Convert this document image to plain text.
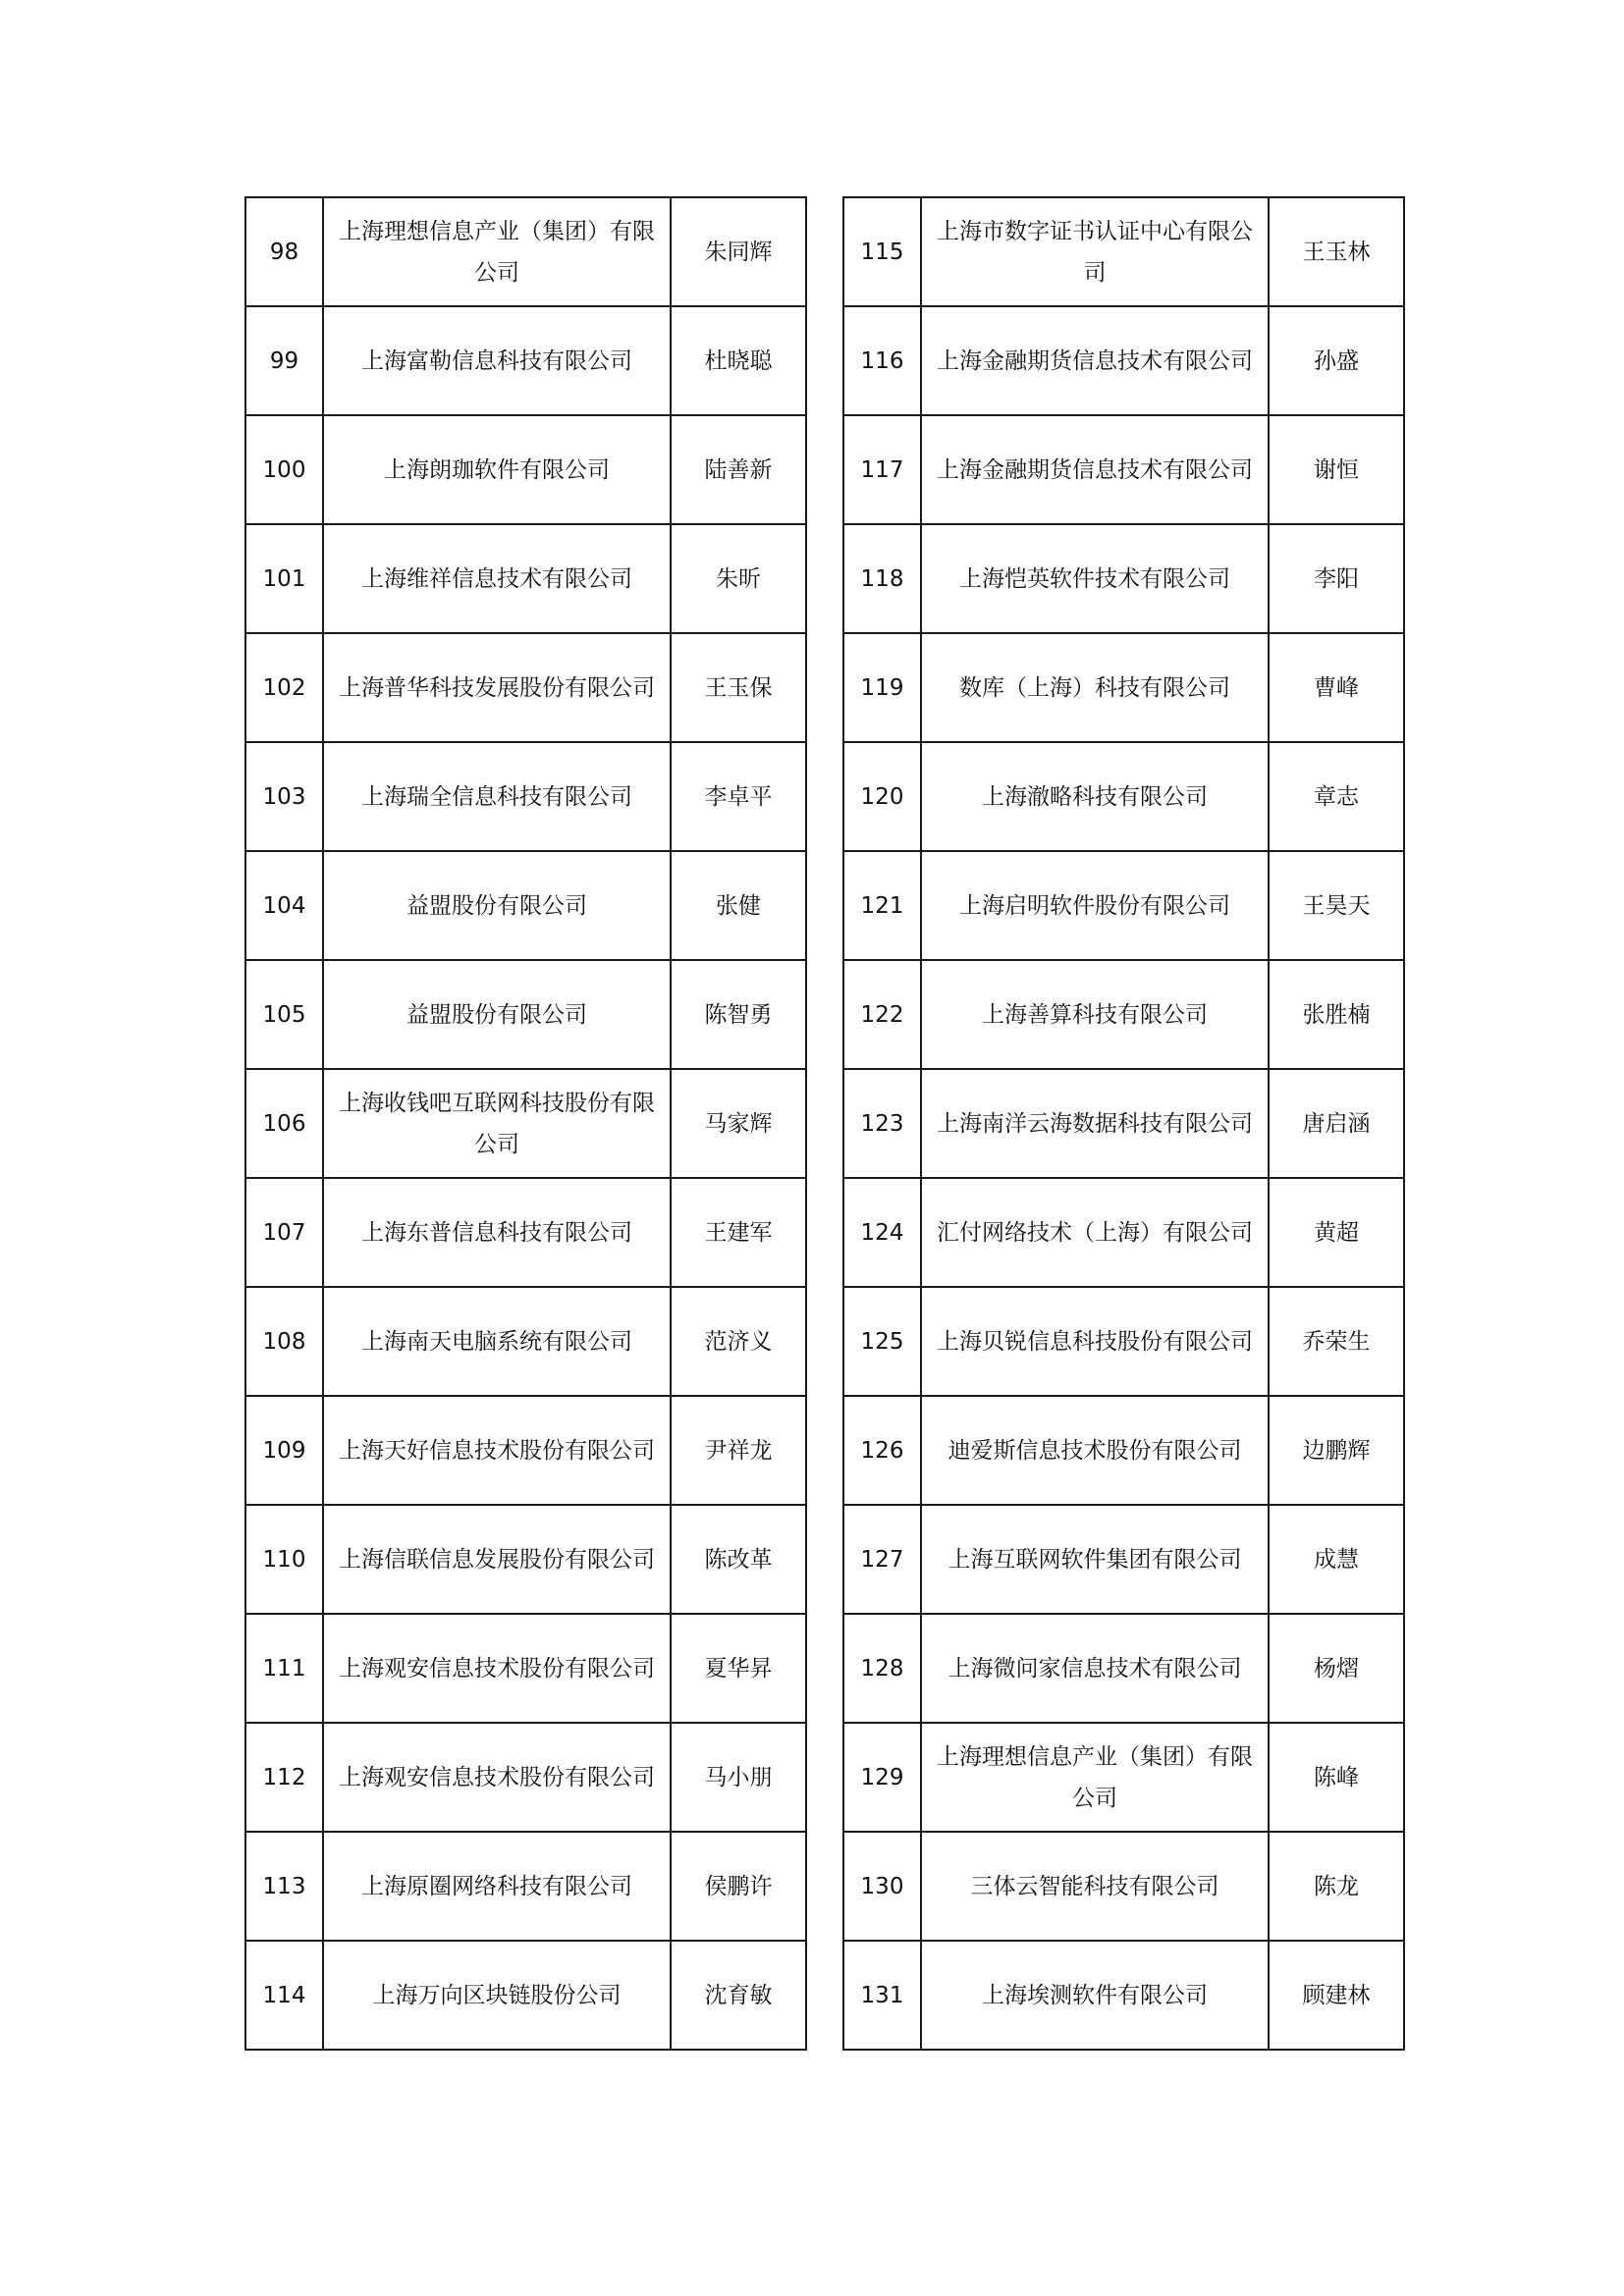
98	上海理想信息产业（集团）有限公司	朱同辉
99	上海富勒信息科技有限公司	杜晓聪
100	上海朗珈软件有限公司	陆善新
101	上海维祥信息技术有限公司	朱昕
102	上海普华科技发展股份有限公司	王玉保
103	上海瑞全信息科技有限公司	李卓平
104	益盟股份有限公司	张健
105	益盟股份有限公司	陈智勇
106	上海收钱吧互联网科技股份有限公司	马家辉
107	上海东普信息科技有限公司	王建军
108	上海南天电脑系统有限公司	范济义
109	上海天好信息技术股份有限公司	尹祥龙
110	上海信联信息发展股份有限公司	陈改革
111	上海观安信息技术股份有限公司	夏华昇
112	上海观安信息技术股份有限公司	马小朋
113	上海原圈网络科技有限公司	侯鹏许
114	上海万向区块链股份公司	沈育敏
115	上海市数字证书认证中心有限公司	王玉林
116	上海金融期货信息技术有限公司	孙盛
117	上海金融期货信息技术有限公司	谢恒
118	上海恺英软件技术有限公司	李阳
119	数库（上海）科技有限公司	曹峰
120	上海澈略科技有限公司	章志
121	上海启明软件股份有限公司	王昊天
122	上海善算科技有限公司	张胜楠
123	上海南洋云海数据科技有限公司	唐启涵
124	汇付网络技术（上海）有限公司	黄超
125	上海贝锐信息科技股份有限公司	乔荣生
126	迪爱斯信息技术股份有限公司	边鹏辉
127	上海互联网软件集团有限公司	成慧
128	上海微问家信息技术有限公司	杨熠
129	上海理想信息产业（集团）有限公司	陈峰
130	三体云智能科技有限公司	陈龙
131	上海埃测软件有限公司	顾建林
